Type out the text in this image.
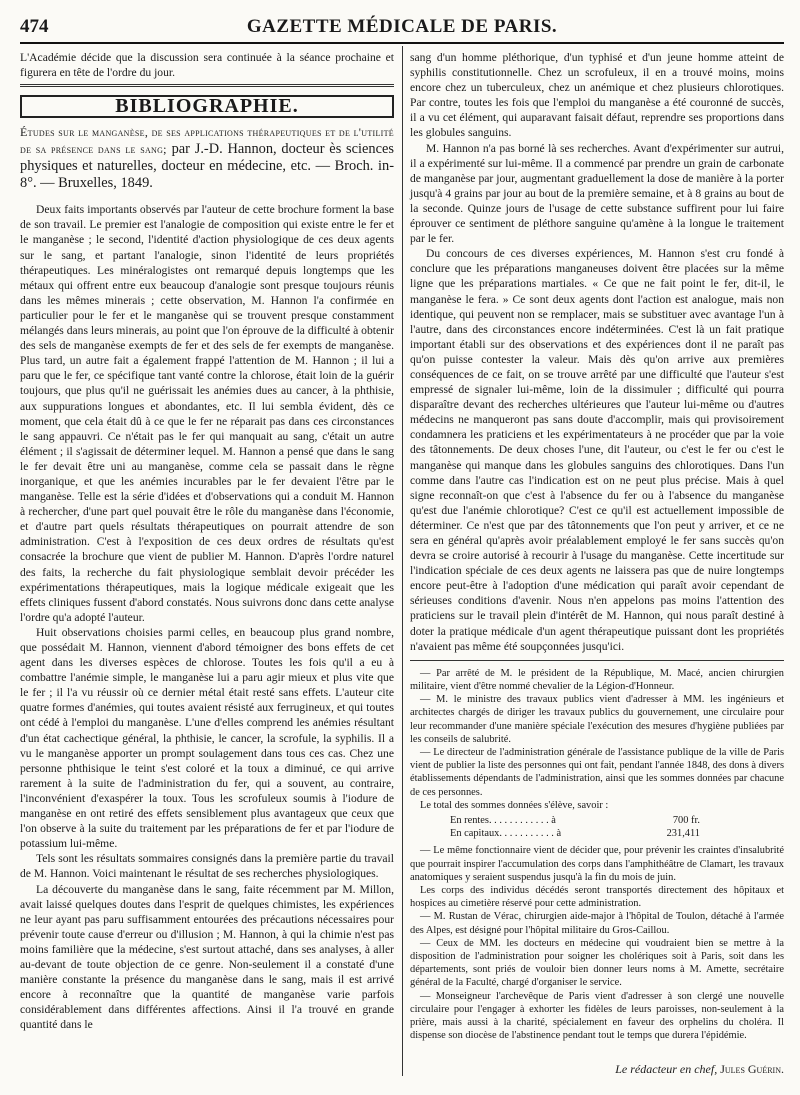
474	GAZETTE MÉDICALE DE PARIS.

L'Académie décide que la discussion sera continuée à la séance prochaine et figurera en tête de l'ordre du jour.

BIBLIOGRAPHIE.
Études sur le manganèse, de ses applications thérapeutiques et de l'utilité de sa présence dans le sang; par J.-D. Hannon, docteur ès sciences physiques et naturelles, docteur en médecine, etc. — Broch. in-8°. — Bruxelles, 1849.

Deux faits importants observés par l'auteur de cette brochure forment la base de son travail. Le premier est l'analogie de composition qui existe entre le fer et le manganèse ; le second, l'identité d'action physiologique de ces deux agents sur le sang, et partant l'analogie, sinon l'identité de leurs propriétés thérapeutiques. Les minéralogistes ont remarqué depuis longtemps que les métaux qui offrent entre eux beaucoup d'analogie sont presque toujours réunis dans les mêmes minerais ; cette observation, M. Hannon l'a confirmée en particulier pour le fer et le manganèse qui se trouvent presque constamment mélangés dans leurs minerais, au point que l'on éprouve de la difficulté à obtenir des sels de manganèse exempts de fer et des sels de fer exempts de manganèse. Plus tard, un autre fait a également frappé l'attention de M. Hannon ; il lui a paru que le fer, ce spécifique tant vanté contre la chlorose, était loin de la guérir toujours, que plus qu'il ne guérissait les anémies dues au cancer, à la phthisie, aux suppurations longues et abondantes, etc. Il lui sembla évident, dès ce moment, que cela était dû à ce que le fer ne réparait pas dans ces circonstances le sang appauvri. Ce n'était pas le fer qui manquait au sang, c'était un autre élément ; il s'agissait de déterminer lequel. M. Hannon a pensé que dans le sang le fer devait être uni au manganèse, comme cela se passait dans le règne inorganique, et que les anémies incurables par le fer devaient l'être par le manganèse. Telle est la série d'idées et d'observations qui a conduit M. Hannon à rechercher, d'une part quel pouvait être le rôle du manganèse dans l'économie, et d'autre part quels résultats thérapeutiques on pourrait attendre de son administration. C'est à l'exposition de ces deux ordres de résultats qu'est consacrée la brochure que vient de publier M. Hannon. D'après l'ordre naturel des faits, la recherche du fait physiologique semblait devoir précéder les expérimentations thérapeutiques, mais la logique médicale exigeait que les effets cliniques fussent d'abord constatés. Nous suivrons donc dans cette analyse l'ordre qu'a adopté l'auteur.

Huit observations choisies parmi celles, en beaucoup plus grand nombre, que possédait M. Hannon, viennent d'abord témoigner des bons effets de cet agent dans les diverses espèces de chlorose. Toutes les fois qu'il a eu à combattre l'anémie simple, le manganèse lui a paru agir mieux et plus vite que le fer ; il l'a vu réussir où ce dernier métal était resté sans effets. L'auteur cite quatre formes d'anémies, qui toutes avaient résisté aux ferrugineux, et qui toutes ont cédé à l'emploi du manganèse. L'une d'elles comprend les anémies résultant d'un état cachectique général, la phthisie, le cancer, la scrofule, la syphilis. Il a vu le manganèse apporter un prompt soulagement dans tous ces cas. Chez une personne phthisique le teint s'est coloré et la toux a diminué, ce qui arrive rarement à la suite de l'administration du fer, qui a souvent, au contraire, l'inconvénient d'exaspérer la toux. Tous les scrofuleux soumis à l'iodure de manganèse en ont retiré des effets sensiblement plus avantageux que ceux que l'on observe à la suite du traitement par les préparations de fer et par l'iodure de potassium lui-même.

Tels sont les résultats sommaires consignés dans la première partie du travail de M. Hannon. Voici maintenant le résultat de ses recherches physiologiques.

La découverte du manganèse dans le sang, faite récemment par M. Millon, avait laissé quelques doutes dans l'esprit de quelques chimistes, les expériences ne leur ayant pas paru suffisamment entourées des précautions nécessaires pour prévenir toute cause d'erreur ou d'illusion ; M. Hannon, à qui la chimie n'est pas moins familière que la médecine, s'est surtout attaché, dans ses analyses, à aller au-devant de toute objection de ce genre. Non-seulement il a constaté d'une manière constante la présence du manganèse dans le sang, mais il est arrivé encore à reconnaître que la quantité de manganèse varie parfois considérablement dans différentes affections. Ainsi il l'a trouvé en grande quantité dans le

sang d'un homme pléthorique, d'un typhisé et d'un jeune homme atteint de syphilis constitutionnelle. Chez un scrofuleux, il en a trouvé moins, moins encore chez un tuberculeux, chez un anémique et chez plusieurs chlorotiques. Par contre, toutes les fois que l'emploi du manganèse a été couronné de succès, il a vu cet élément, qui auparavant faisait défaut, reprendre ses proportions dans les globules sanguins.

M. Hannon n'a pas borné là ses recherches. Avant d'expérimenter sur autrui, il a expérimenté sur lui-même. Il a commencé par prendre un grain de carbonate de manganèse par jour, augmentant graduellement la dose de manière à la porter jusqu'à 4 grains par jour au bout de la première semaine, et à 8 grains au bout de la seconde. Quinze jours de l'usage de cette substance suffirent pour lui faire éprouver ce sentiment de pléthore sanguine qu'amène à la longue le traitement par le fer.

Du concours de ces diverses expériences, M. Hannon s'est cru fondé à conclure que les préparations manganeuses doivent être placées sur la même ligne que les préparations martiales. « Ce que ne fait point le fer, dit-il, le manganèse le fera. » Ce sont deux agents dont l'action est analogue, mais non identique, qui peuvent non se remplacer, mais se substituer avec avantage l'un à l'autre, dans des circonstances encore indéterminées. C'est là un fait pratique important établi sur des observations et des expériences dont il ne paraît pas qu'on puisse contester la valeur. Mais dès qu'on arrive aux premières conséquences de ce fait, on se trouve arrêté par une difficulté que l'auteur s'est empressé de signaler lui-même, loin de la dissimuler ; difficulté qui pourra disparaître devant des recherches ultérieures que l'auteur lui-même ou d'autres médecins ne manqueront pas sans doute d'accomplir, mais qui provisoirement condamnera les praticiens et les expérimentateurs à ne procéder que par la voie des tâtonnements. De deux choses l'une, dit l'auteur, ou c'est le fer ou c'est le manganèse qui manque dans les globules sanguins des chlorotiques. Dans l'un comme dans l'autre cas l'indication est on ne peut plus précise. Mais à quel signe reconnaît-on que c'est à l'absence du fer ou à l'absence du manganèse qu'est due l'anémie chlorotique? C'est ce qu'il est actuellement impossible de déterminer. Ce n'est que par des tâtonnements que l'on peut y arriver, et ce ne sera en général qu'après avoir préalablement employé le fer sans succès qu'on devra se croire autorisé à recourir à l'usage du manganèse. Cette incertitude sur l'indication spéciale de ces deux agents ne laissera pas que de nuire longtemps encore peut-être à l'adoption d'une médication qui paraît avoir cependant de sérieuses conditions d'avenir. Nous n'en appelons pas moins l'attention des praticiens sur le travail plein d'intérêt de M. Hannon, qui nous paraît destiné à doter la pratique médicale d'un agent thérapeutique puissant dont les propriétés n'avaient pas même été soupçonnées jusqu'ici.

— Par arrêté de M. le président de la République, M. Macé, ancien chirurgien militaire, vient d'être nommé chevalier de la Légion-d'Honneur.

— M. le ministre des travaux publics vient d'adresser à MM. les ingénieurs et architectes chargés de diriger les travaux publics du gouvernement, une circulaire pour leur recommander d'une manière spéciale l'exécution des mesures d'hygiène publiées par les conseils de salubrité.

— Le directeur de l'administration générale de l'assistance publique de la ville de Paris vient de publier la liste des personnes qui ont fait, pendant l'année 1848, des dons à divers établissements dépendants de l'administration, ainsi que les sommes données par chacune de ces personnes.

Le total des sommes données s'élève, savoir :

En rentes. . . . . . . . . . . . à	700 fr.
En capitaux. . . . . . . . . . . à	231,411

— Le même fonctionnaire vient de décider que, pour prévenir les craintes d'insalubrité que pourrait inspirer l'accumulation des corps dans l'amphithéâtre de Clamart, les travaux anatomiques y seraient suspendus jusqu'à la fin du mois de juin.

Les corps des individus décédés seront transportés directement des hôpitaux et hospices au cimetière réservé pour cette administration.

— M. Rustan de Vérac, chirurgien aide-major à l'hôpital de Toulon, détaché à l'armée des Alpes, est désigné pour l'hôpital militaire du Gros-Caillou.

— Ceux de MM. les docteurs en médecine qui voudraient bien se mettre à la disposition de l'administration pour soigner les cholériques soit à Paris, soit dans les départements, sont priés de vouloir bien donner leurs noms à M. Amette, secrétaire général de la Faculté, chargé d'organiser le service.

— Monseigneur l'archevêque de Paris vient d'adresser à son clergé une nouvelle circulaire pour l'engager à exhorter les fidèles de leurs paroisses, non-seulement à la prière, mais aussi à la charité, spécialement en faveur des orphelins du choléra. Il dispense son diocèse de l'abstinence pendant tout le temps que durera l'épidémie.

Le rédacteur en chef, Jules Guérin.
